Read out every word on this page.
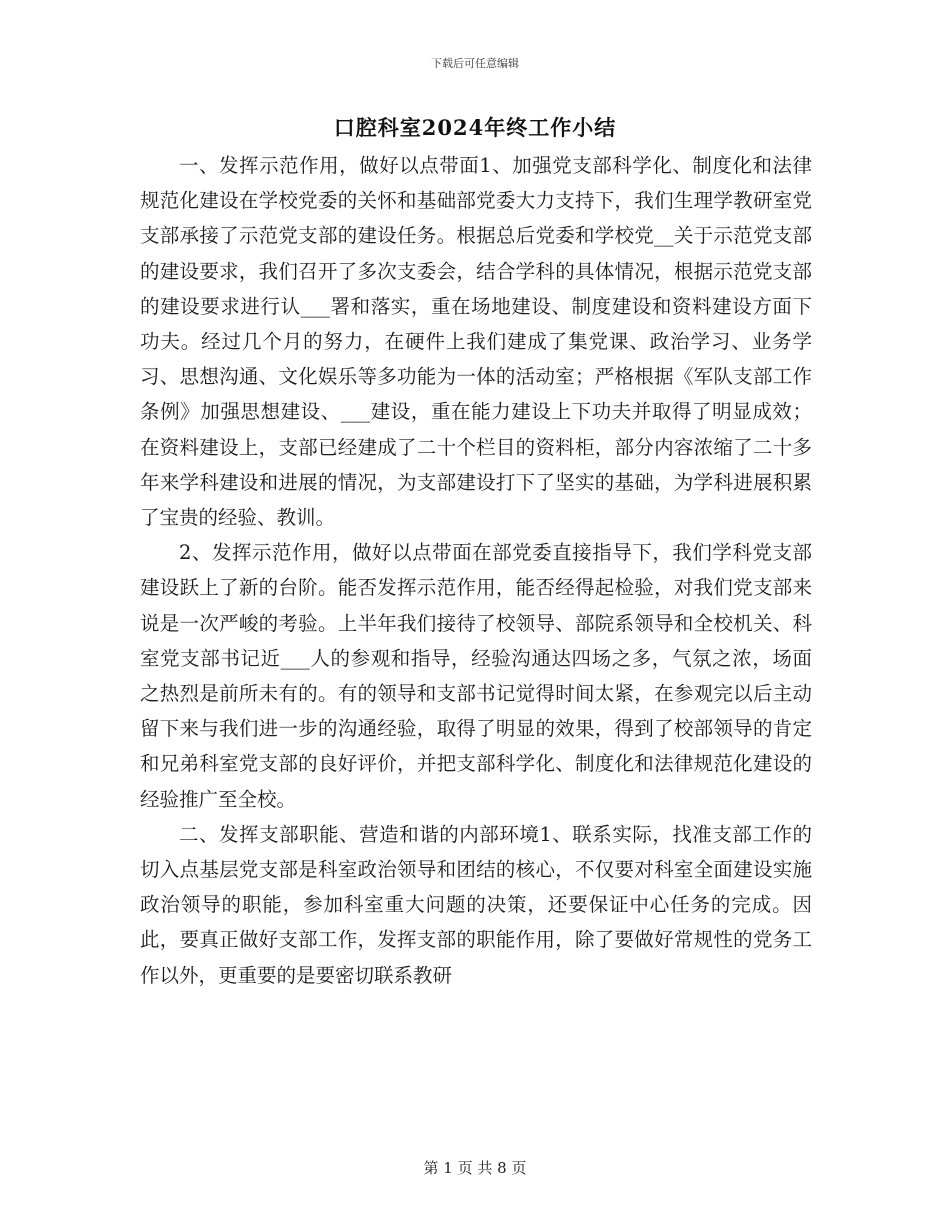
下载后可任意编辑
口腔科室2024年终工作小结

一、发挥示范作用，做好以点带面1、加强党支部科学化、制度化和法律规范化建设在学校党委的关怀和基础部党委大力支持下，我们生理学教研室党支部承接了示范党支部的建设任务。根据总后党委和学校党__关于示范党支部的建设要求，我们召开了多次支委会，结合学科的具体情况，根据示范党支部的建设要求进行认___署和落实，重在场地建设、制度建设和资料建设方面下功夫。经过几个月的努力，在硬件上我们建成了集党课、政治学习、业务学习、思想沟通、文化娱乐等多功能为一体的活动室；严格根据《军队支部工作条例》加强思想建设、___建设，重在能力建设上下功夫并取得了明显成效；在资料建设上，支部已经建成了二十个栏目的资料柜，部分内容浓缩了二十多年来学科建设和进展的情况，为支部建设打下了坚实的基础，为学科进展积累了宝贵的经验、教训。

2、发挥示范作用，做好以点带面在部党委直接指导下，我们学科党支部建设跃上了新的台阶。能否发挥示范作用，能否经得起检验，对我们党支部来说是一次严峻的考验。上半年我们接待了校领导、部院系领导和全校机关、科室党支部书记近___人的参观和指导，经验沟通达四场之多，气氛之浓，场面之热烈是前所未有的。有的领导和支部书记觉得时间太紧，在参观完以后主动留下来与我们进一步的沟通经验，取得了明显的效果，得到了校部领导的肯定和兄弟科室党支部的良好评价，并把支部科学化、制度化和法律规范化建设的经验推广至全校。

二、发挥支部职能、营造和谐的内部环境1、联系实际，找准支部工作的切入点基层党支部是科室政治领导和团结的核心，不仅要对科室全面建设实施政治领导的职能，参加科室重大问题的决策，还要保证中心任务的完成。因此，要真正做好支部工作，发挥支部的职能作用，除了要做好常规性的党务工作以外，更重要的是要密切联系教研

第 1 页 共 8 页
